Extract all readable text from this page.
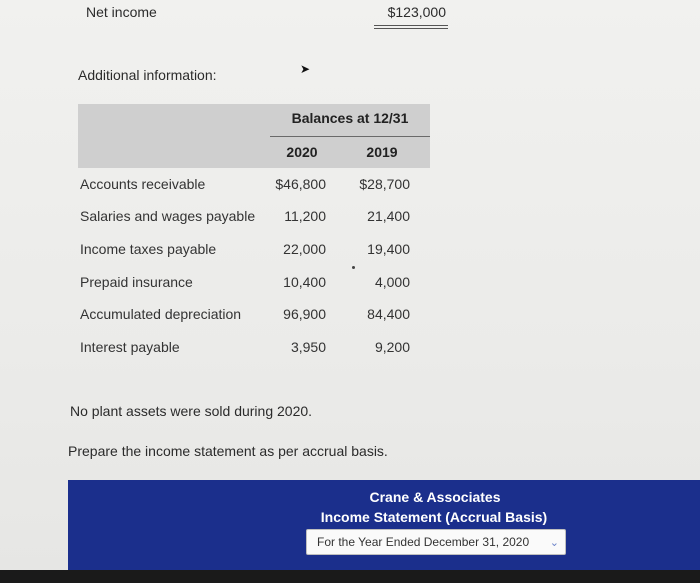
Net income	$123,000
Additional information:	➤
Balances at 12/31
2020	2019
Accounts receivable	$46,800	$28,700
Salaries and wages payable	11,200	21,400
Income taxes payable	22,000	19,400
Prepaid insurance	10,400	4,000
Accumulated depreciation	96,900	84,400
Interest payable	3,950	9,200
No plant assets were sold during 2020.
Prepare the income statement as per accrual basis.
Crane & Associates
Income Statement (Accrual Basis)
For the Year Ended December 31, 2020 ⌄
